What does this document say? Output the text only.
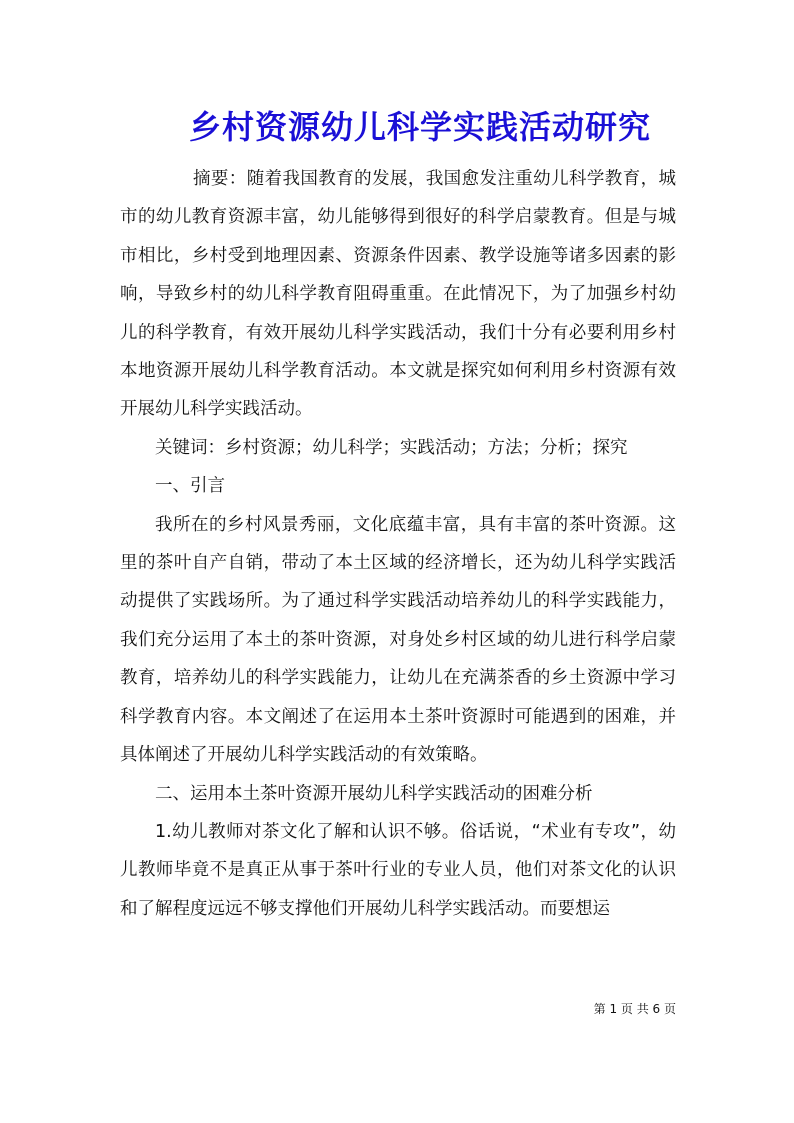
乡村资源幼儿科学实践活动研究

摘要：随着我国教育的发展，我国愈发注重幼儿科学教育，城市的幼儿教育资源丰富，幼儿能够得到很好的科学启蒙教育。但是与城市相比，乡村受到地理因素、资源条件因素、教学设施等诸多因素的影响，导致乡村的幼儿科学教育阻碍重重。在此情况下，为了加强乡村幼儿的科学教育，有效开展幼儿科学实践活动，我们十分有必要利用乡村本地资源开展幼儿科学教育活动。本文就是探究如何利用乡村资源有效开展幼儿科学实践活动。

关键词：乡村资源；幼儿科学；实践活动；方法；分析；探究

一、引言

我所在的乡村风景秀丽，文化底蕴丰富，具有丰富的茶叶资源。这里的茶叶自产自销，带动了本土区域的经济增长，还为幼儿科学实践活动提供了实践场所。为了通过科学实践活动培养幼儿的科学实践能力，我们充分运用了本土的茶叶资源，对身处乡村区域的幼儿进行科学启蒙教育，培养幼儿的科学实践能力，让幼儿在充满茶香的乡土资源中学习科学教育内容。本文阐述了在运用本土茶叶资源时可能遇到的困难，并具体阐述了开展幼儿科学实践活动的有效策略。

二、运用本土茶叶资源开展幼儿科学实践活动的困难分析

1.幼儿教师对茶文化了解和认识不够。俗话说，“术业有专攻”，幼儿教师毕竟不是真正从事于茶叶行业的专业人员，他们对茶文化的认识和了解程度远远不够支撑他们开展幼儿科学实践活动。而要想运

第 1 页 共 6 页
